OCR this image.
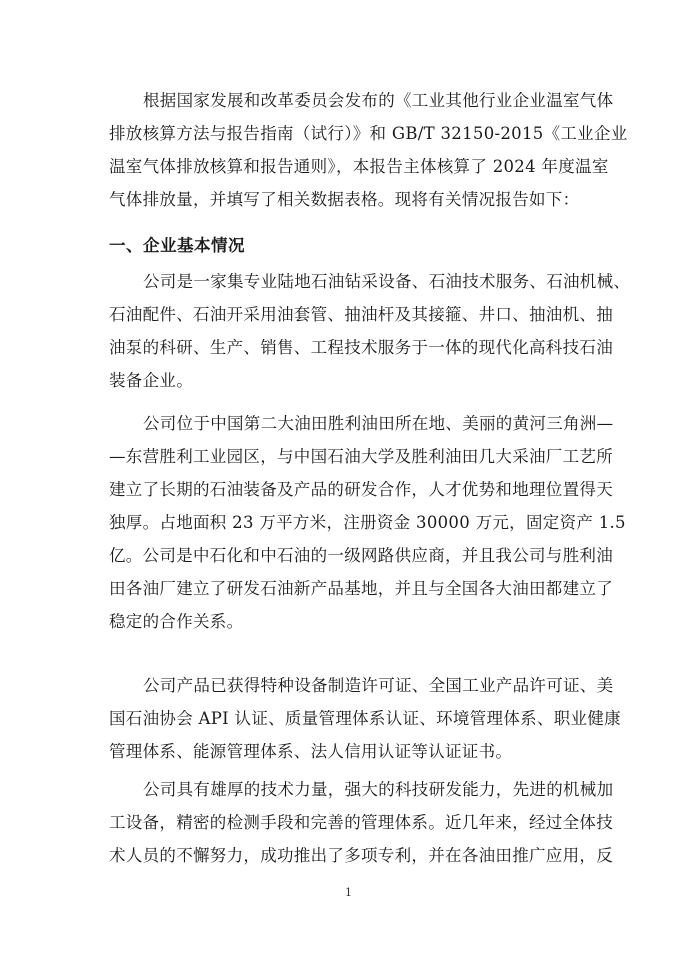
根据国家发展和改革委员会发布的《工业其他行业企业温室气体
排放核算方法与报告指南（试行）》和 GB/T 32150-2015《工业企业
温室气体排放核算和报告通则》，本报告主体核算了 2024 年度温室
气体排放量，并填写了相关数据表格。现将有关情况报告如下：
一、企业基本情况
公司是一家集专业陆地石油钻采设备、石油技术服务、石油机械、
石油配件、石油开采用油套管、抽油杆及其接箍、井口、抽油机、抽
油泵的科研、生产、销售、工程技术服务于一体的现代化高科技石油
装备企业。
公司位于中国第二大油田胜利油田所在地、美丽的黄河三角洲—
—东营胜利工业园区，与中国石油大学及胜利油田几大采油厂工艺所
建立了长期的石油装备及产品的研发合作，人才优势和地理位置得天
独厚。占地面积 23 万平方米，注册资金 30000 万元，固定资产 1.5
亿。公司是中石化和中石油的一级网路供应商，并且我公司与胜利油
田各油厂建立了研发石油新产品基地，并且与全国各大油田都建立了
稳定的合作关系。
公司产品已获得特种设备制造许可证、全国工业产品许可证、美
国石油协会 API 认证、质量管理体系认证、环境管理体系、职业健康
管理体系、能源管理体系、法人信用认证等认证证书。
公司具有雄厚的技术力量，强大的科技研发能力，先进的机械加
工设备，精密的检测手段和完善的管理体系。近几年来，经过全体技
术人员的不懈努力，成功推出了多项专利，并在各油田推广应用，反
1
